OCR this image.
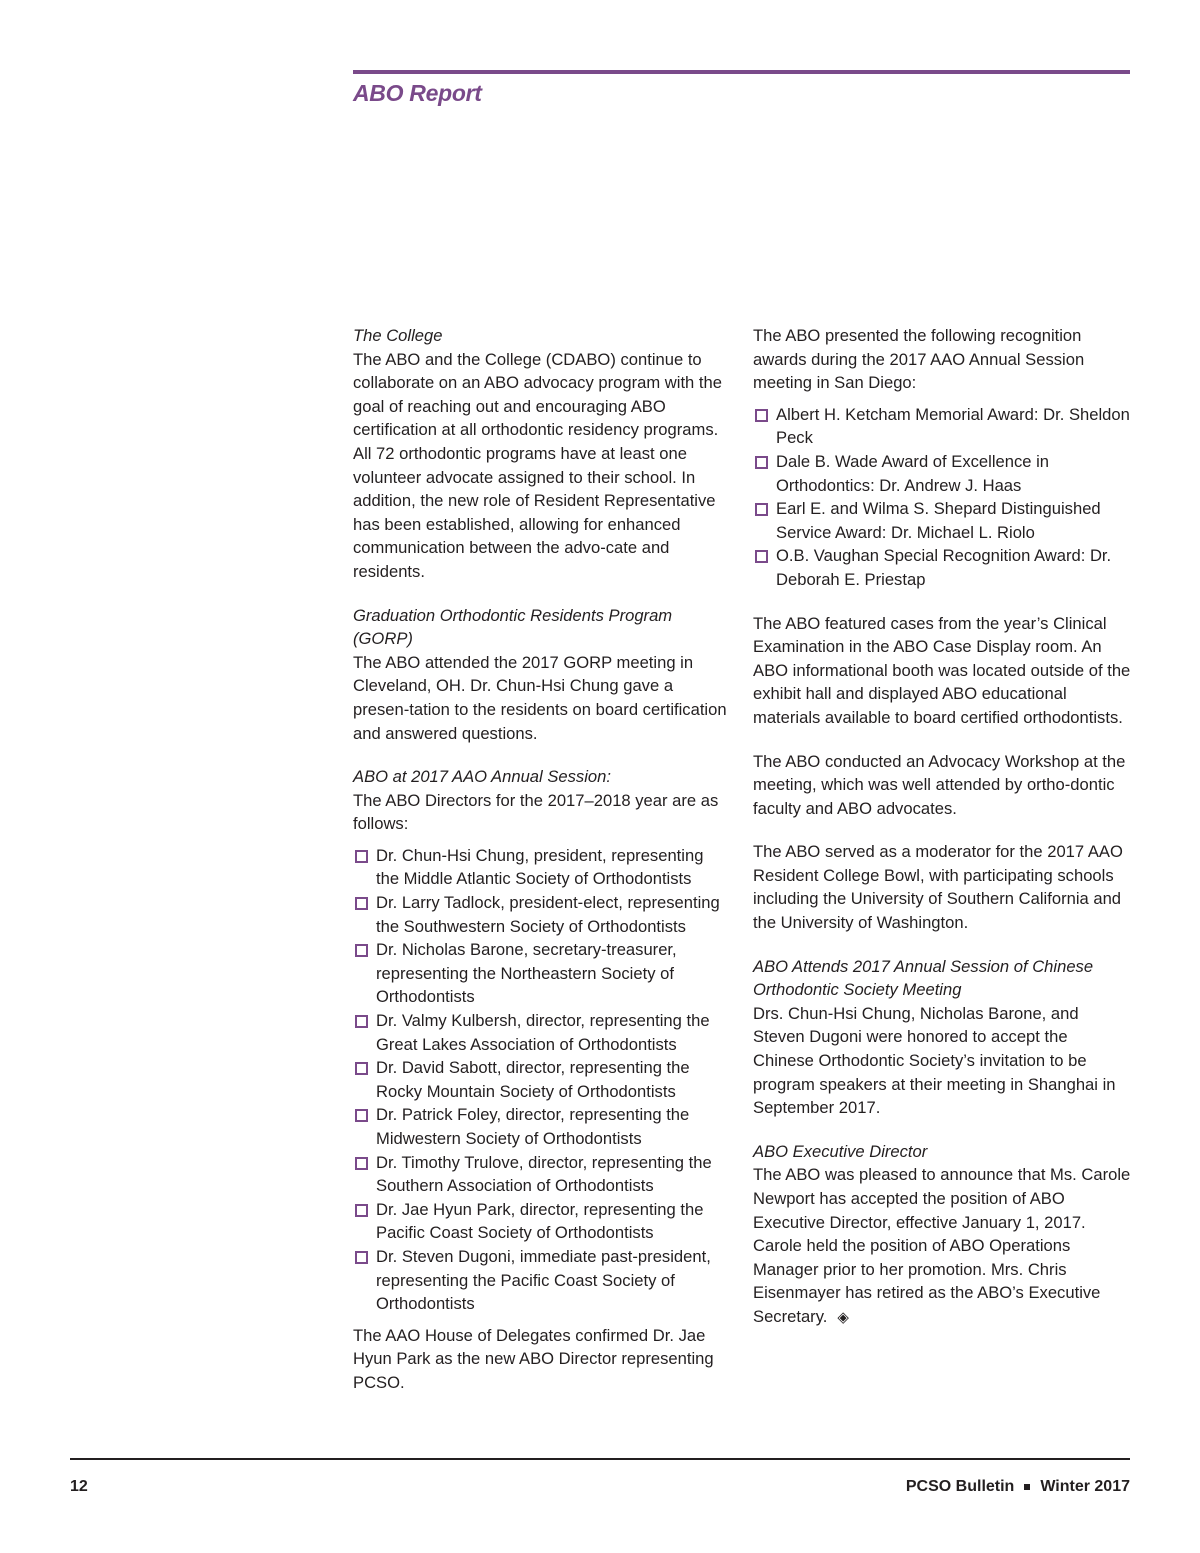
ABO Report

The College

The ABO and the College (CDABO) continue to collaborate on an ABO advocacy program with the goal of reaching out and encouraging ABO certification at all orthodontic residency programs. All 72 orthodontic programs have at least one volunteer advocate assigned to their school. In addition, the new role of Resident Representative has been established, allowing for enhanced communication between the advo-cate and residents.

Graduation Orthodontic Residents Program (GORP)

The ABO attended the 2017 GORP meeting in Cleveland, OH. Dr. Chun-Hsi Chung gave a presen-tation to the residents on board certification and answered questions.

ABO at 2017 AAO Annual Session:

The ABO Directors for the 2017–2018 year are as follows:

Dr. Chun-Hsi Chung, president, representing the Middle Atlantic Society of Orthodontists
Dr. Larry Tadlock, president-elect, representing the Southwestern Society of Orthodontists
Dr. Nicholas Barone, secretary-treasurer, representing the Northeastern Society of Orthodontists
Dr. Valmy Kulbersh, director, representing the Great Lakes Association of Orthodontists
Dr. David Sabott, director, representing the Rocky Mountain Society of Orthodontists
Dr. Patrick Foley, director, representing the Midwestern Society of Orthodontists
Dr. Timothy Trulove, director, representing the Southern Association of Orthodontists
Dr. Jae Hyun Park, director, representing the Pacific Coast Society of Orthodontists
Dr. Steven Dugoni, immediate past-president, representing the Pacific Coast Society of Orthodontists

The AAO House of Delegates confirmed Dr. Jae Hyun Park as the new ABO Director representing PCSO.

The ABO presented the following recognition awards during the 2017 AAO Annual Session meeting in San Diego:

Albert H. Ketcham Memorial Award: Dr. Sheldon Peck
Dale B. Wade Award of Excellence in Orthodontics: Dr. Andrew J. Haas
Earl E. and Wilma S. Shepard Distinguished Service Award: Dr. Michael L. Riolo
O.B. Vaughan Special Recognition Award: Dr. Deborah E. Priestap

The ABO featured cases from the year’s Clinical Examination in the ABO Case Display room. An ABO informational booth was located outside of the exhibit hall and displayed ABO educational materials available to board certified orthodontists.

The ABO conducted an Advocacy Workshop at the meeting, which was well attended by ortho-dontic faculty and ABO advocates.

The ABO served as a moderator for the 2017 AAO Resident College Bowl, with participating schools including the University of Southern California and the University of Washington.

ABO Attends 2017 Annual Session of Chinese Orthodontic Society Meeting

Drs. Chun-Hsi Chung, Nicholas Barone, and Steven Dugoni were honored to accept the Chinese Orthodontic Society’s invitation to be program speakers at their meeting in Shanghai in September 2017.

ABO Executive Director

The ABO was pleased to announce that Ms. Carole Newport has accepted the position of ABO Executive Director, effective January 1, 2017. Carole held the position of ABO Operations Manager prior to her promotion. Mrs. Chris Eisenmayer has retired as the ABO’s Executive Secretary. ◈

12	PCSO Bulletin Winter 2017
